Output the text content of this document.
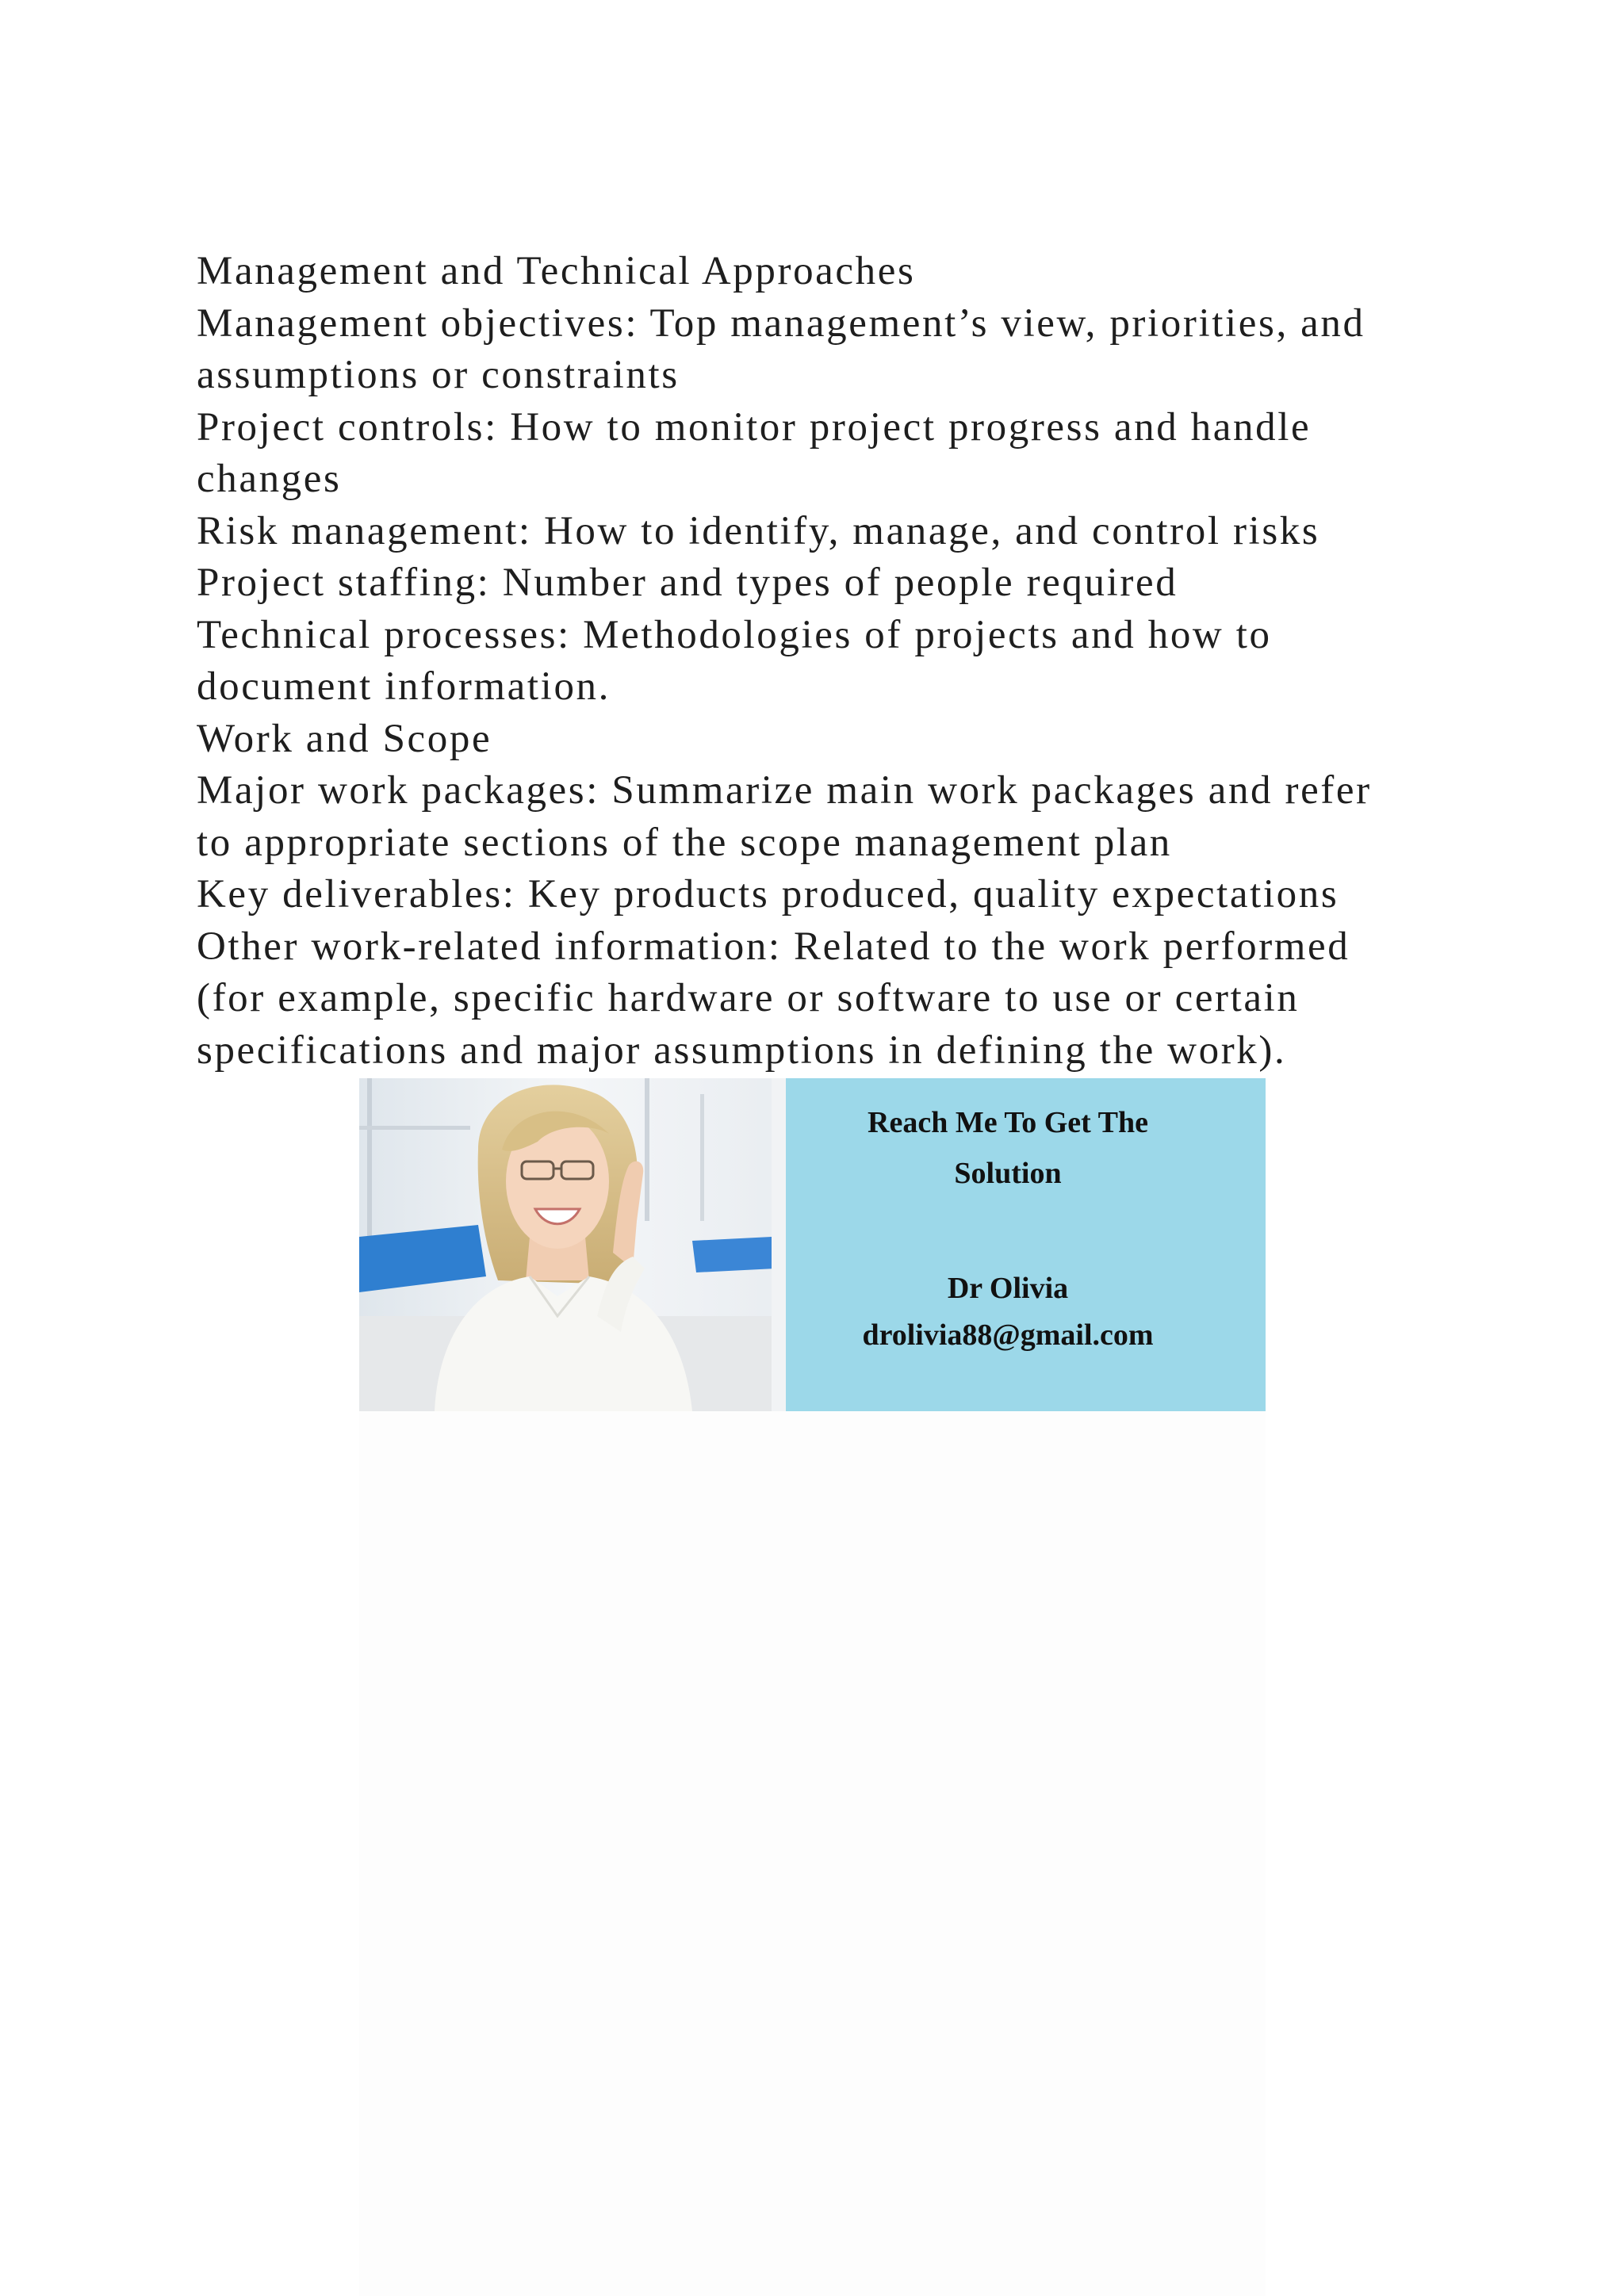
Management and Technical Approaches

Management objectives: Top management’s view, priorities, and

assumptions or constraints

Project controls: How to monitor project progress and handle

changes

Risk management: How to identify, manage, and control risks

Project staffing: Number and types of people required

Technical processes: Methodologies of projects and how to

document information.

Work and Scope

Major work packages: Summarize main work packages and refer

to appropriate sections of the scope management plan

Key deliverables: Key products produced, quality expectations

Other work-related information: Related to the work performed

(for example, specific hardware or software to use or certain

specifications and major assumptions in defining the work).

Reach Me To Get The
Solution
Dr Olivia
drolivia88@gmail.com
